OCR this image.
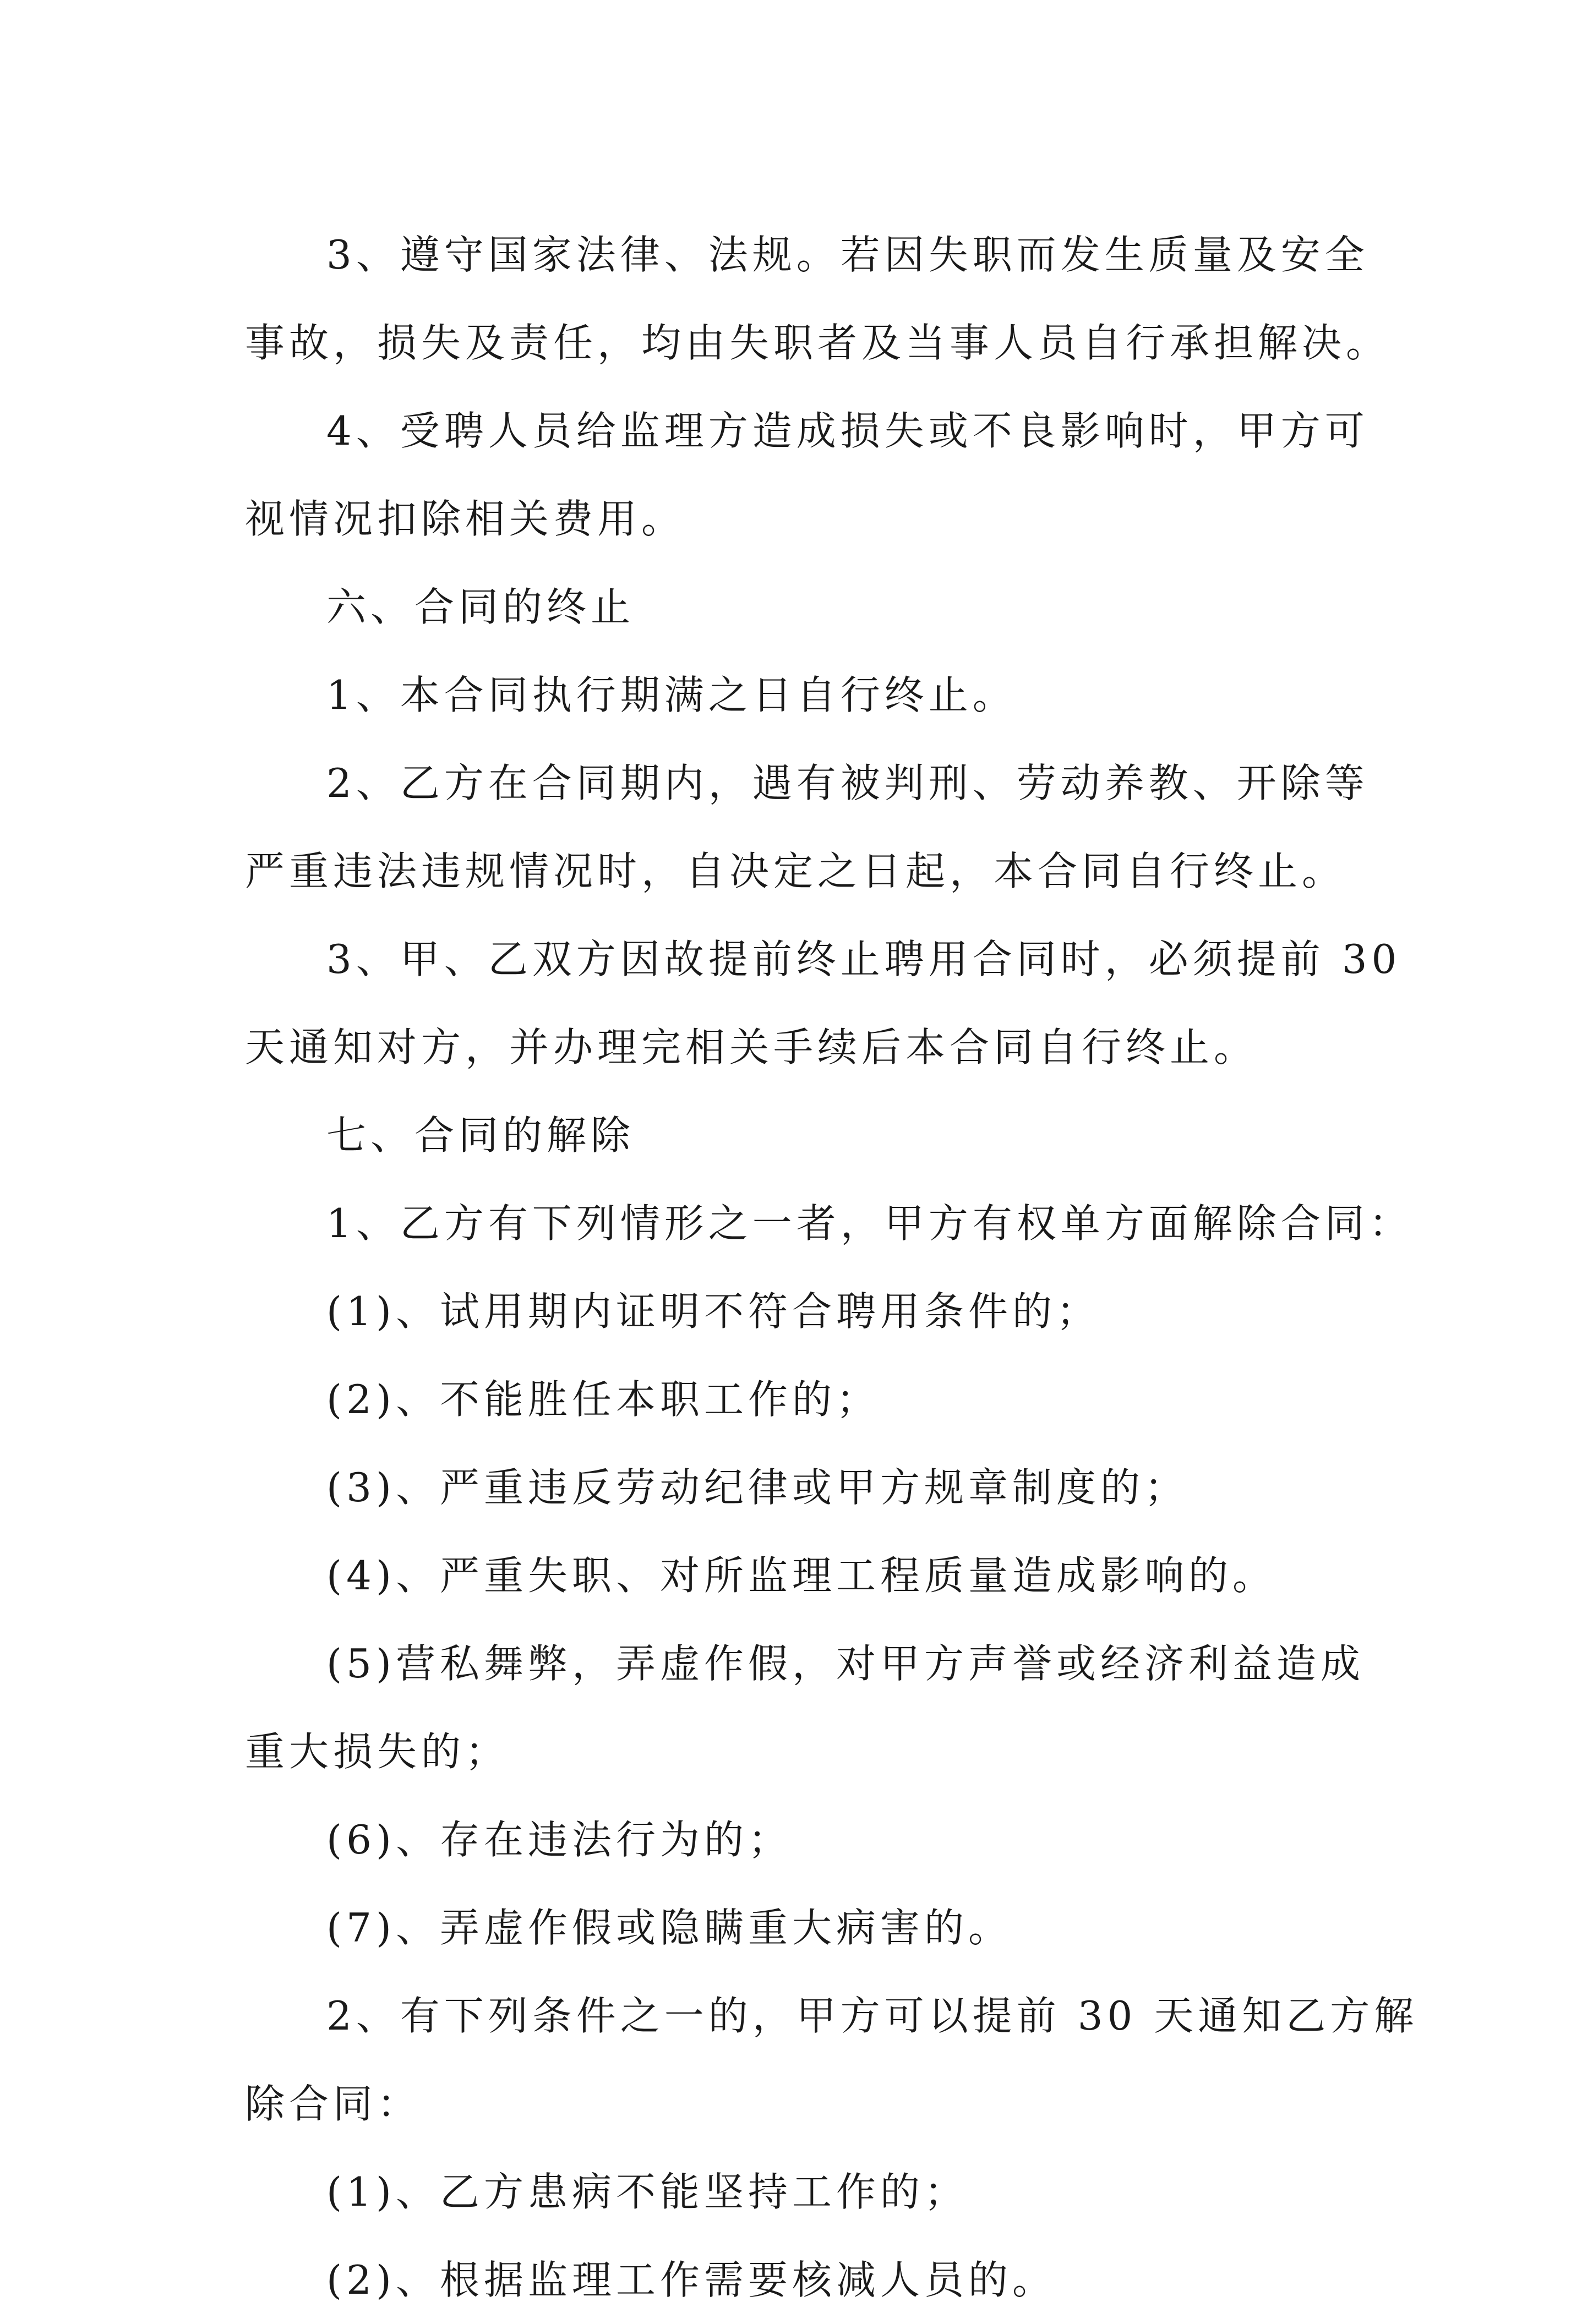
3、遵守国家法律、法规。若因失职而发生质量及安全
事故，损失及责任，均由失职者及当事人员自行承担解决。
4、受聘人员给监理方造成损失或不良影响时，甲方可
视情况扣除相关费用。
六、合同的终止
1、本合同执行期满之日自行终止。
2、乙方在合同期内，遇有被判刑、劳动养教、开除等
严重违法违规情况时，自决定之日起，本合同自行终止。
3、甲、乙双方因故提前终止聘用合同时，必须提前 30
天通知对方，并办理完相关手续后本合同自行终止。
七、合同的解除
1、乙方有下列情形之一者，甲方有权单方面解除合同：
(1)、试用期内证明不符合聘用条件的；
(2)、不能胜任本职工作的；
(3)、严重违反劳动纪律或甲方规章制度的；
(4)、严重失职、对所监理工程质量造成影响的。
(5)营私舞弊，弄虚作假，对甲方声誉或经济利益造成
重大损失的；
(6)、存在违法行为的；
(7)、弄虚作假或隐瞒重大病害的。
2、有下列条件之一的，甲方可以提前 30 天通知乙方解
除合同：
(1)、乙方患病不能坚持工作的；
(2)、根据监理工作需要核减人员的。
